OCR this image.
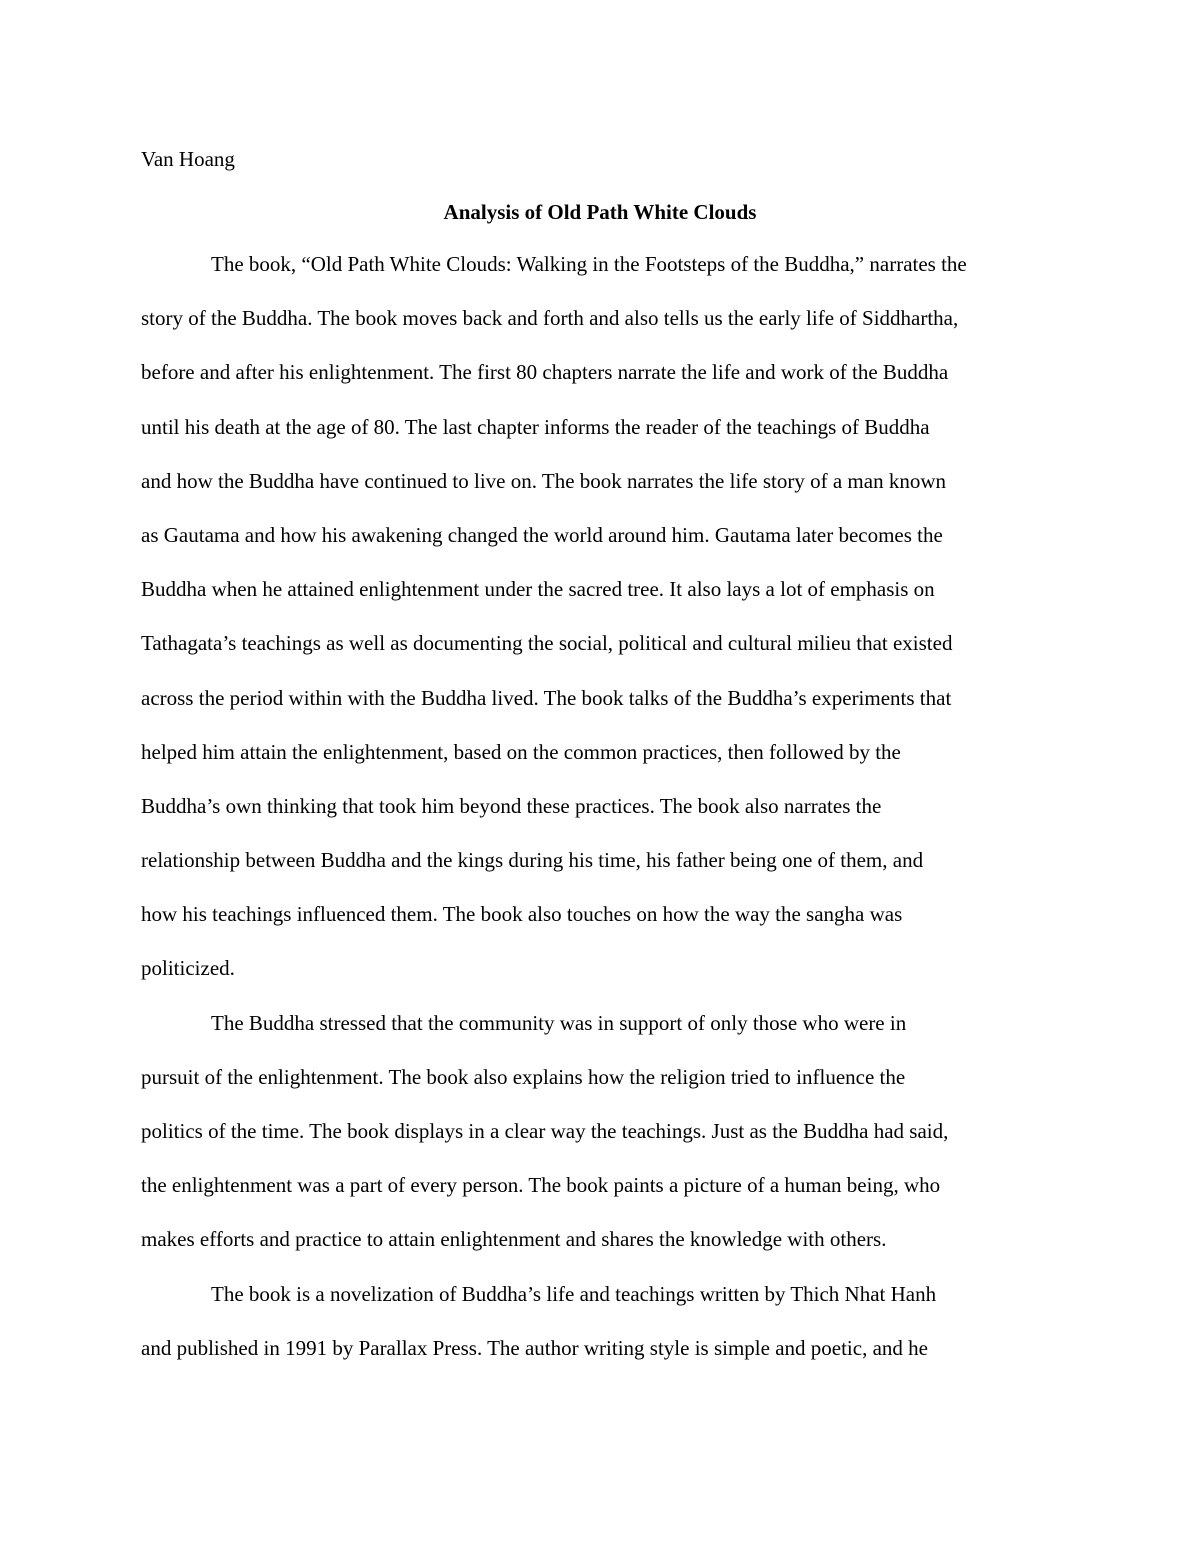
Van Hoang

Analysis of Old Path White Clouds

The book, “Old Path White Clouds: Walking in the Footsteps of the Buddha,” narrates the
story of the Buddha. The book moves back and forth and also tells us the early life of Siddhartha,
before and after his enlightenment. The first 80 chapters narrate the life and work of the Buddha
until his death at the age of 80. The last chapter informs the reader of the teachings of Buddha
and how the Buddha have continued to live on. The book narrates the life story of a man known
as Gautama and how his awakening changed the world around him. Gautama later becomes the
Buddha when he attained enlightenment under the sacred tree. It also lays a lot of emphasis on
Tathagata’s teachings as well as documenting the social, political and cultural milieu that existed
across the period within with the Buddha lived. The book talks of the Buddha’s experiments that
helped him attain the enlightenment, based on the common practices, then followed by the
Buddha’s own thinking that took him beyond these practices. The book also narrates the
relationship between Buddha and the kings during his time, his father being one of them, and
how his teachings influenced them. The book also touches on how the way the sangha was
politicized.

The Buddha stressed that the community was in support of only those who were in
pursuit of the enlightenment. The book also explains how the religion tried to influence the
politics of the time. The book displays in a clear way the teachings. Just as the Buddha had said,
the enlightenment was a part of every person. The book paints a picture of a human being, who
makes efforts and practice to attain enlightenment and shares the knowledge with others.

The book is a novelization of Buddha’s life and teachings written by Thich Nhat Hanh
and published in 1991 by Parallax Press. The author writing style is simple and poetic, and he
